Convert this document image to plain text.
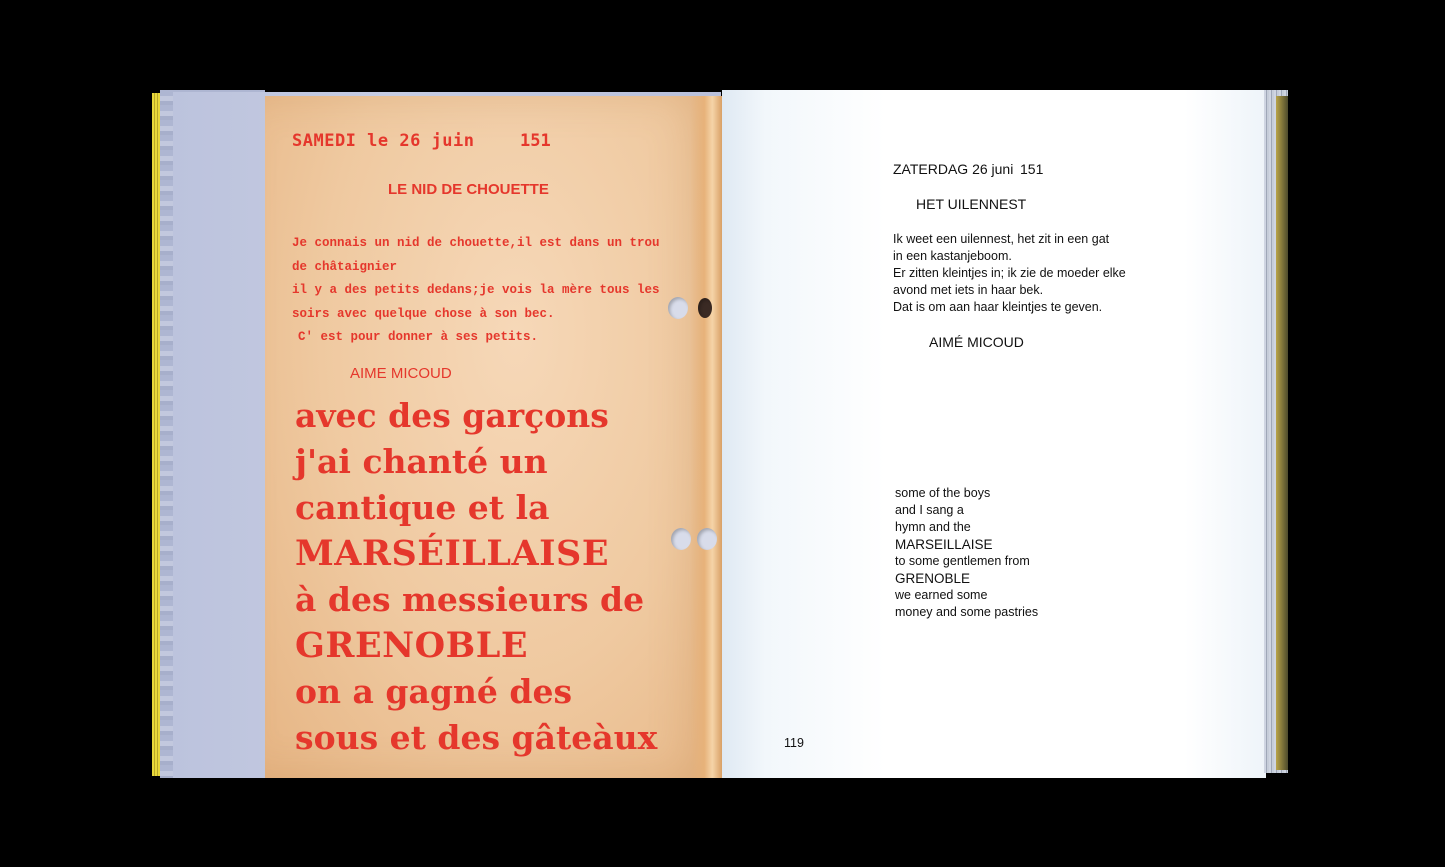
SAMEDI le 26 juin	151
LE NID DE CHOUETTE
Je connais un nid de chouette,il est dans un trou
de châtaignier
il y a des petits dedans;je vois la mère tous les
soirs avec quelque chose à son bec.
C' est pour donner à ses petits.
AIME MICOUD
avec des garçons
j'ai chanté un
cantique et la
MARSÉILLAISE
à des messieurs de
GRENOBLE
on a gagné des
sous et des gâteàux
ZATERDAG 26 juni 151
HET UILENNEST
Ik weet een uilennest, het zit in een gat
in een kastanjeboom.
Er zitten kleintjes in; ik zie de moeder elke
avond met iets in haar bek.
Dat is om aan haar kleintjes te geven.
AIMÉ MICOUD
some of the boys
and I sang a
hymn and the
MARSEILLAISE
to some gentlemen from
GRENOBLE
we earned some
money and some pastries
119
